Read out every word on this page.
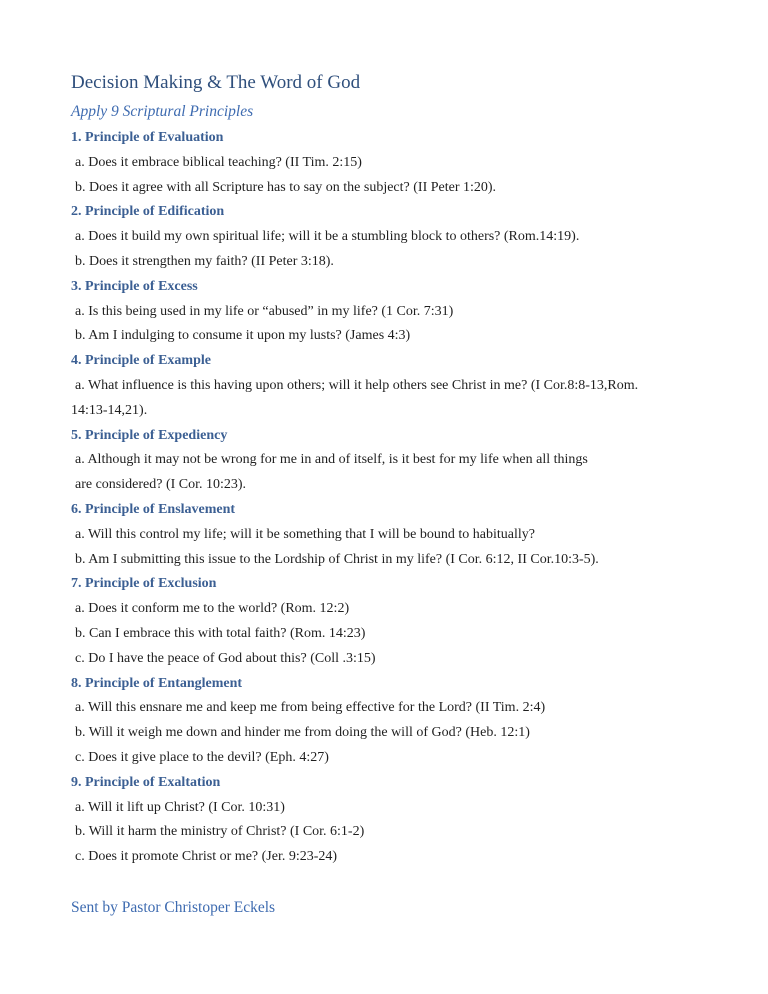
Decision Making & The Word of God
Apply 9 Scriptural Principles
1. Principle of Evaluation
a. Does it embrace biblical teaching? (II Tim. 2:15)
b. Does it agree with all Scripture has to say on the subject? (II Peter 1:20).
2. Principle of Edification
a. Does it build my own spiritual life; will it be a stumbling block to others? (Rom.14:19).
b. Does it strengthen my faith? (II Peter 3:18).
3. Principle of Excess
a. Is this being used in my life or “abused” in my life? (1 Cor. 7:31)
b. Am I indulging to consume it upon my lusts? (James 4:3)
4. Principle of Example
a. What influence is this having upon others; will it help others see Christ in me? (I Cor.8:8-13,Rom.
14:13-14,21).
5. Principle of Expediency
a. Although it may not be wrong for me in and of itself, is it best for my life when all things
are considered? (I Cor. 10:23).
6. Principle of Enslavement
a. Will this control my life; will it be something that I will be bound to habitually?
b. Am I submitting this issue to the Lordship of Christ in my life? (I Cor. 6:12, II Cor.10:3-5).
7. Principle of Exclusion
a. Does it conform me to the world? (Rom. 12:2)
b. Can I embrace this with total faith? (Rom. 14:23)
c. Do I have the peace of God about this? (Coll .3:15)
8. Principle of Entanglement
a. Will this ensnare me and keep me from being effective for the Lord? (II Tim. 2:4)
b. Will it weigh me down and hinder me from doing the will of God? (Heb. 12:1)
c. Does it give place to the devil? (Eph. 4:27)
9. Principle of Exaltation
a. Will it lift up Christ? (I Cor. 10:31)
b. Will it harm the ministry of Christ? (I Cor. 6:1-2)
c. Does it promote Christ or me? (Jer. 9:23-24)
Sent by Pastor Christoper Eckels
